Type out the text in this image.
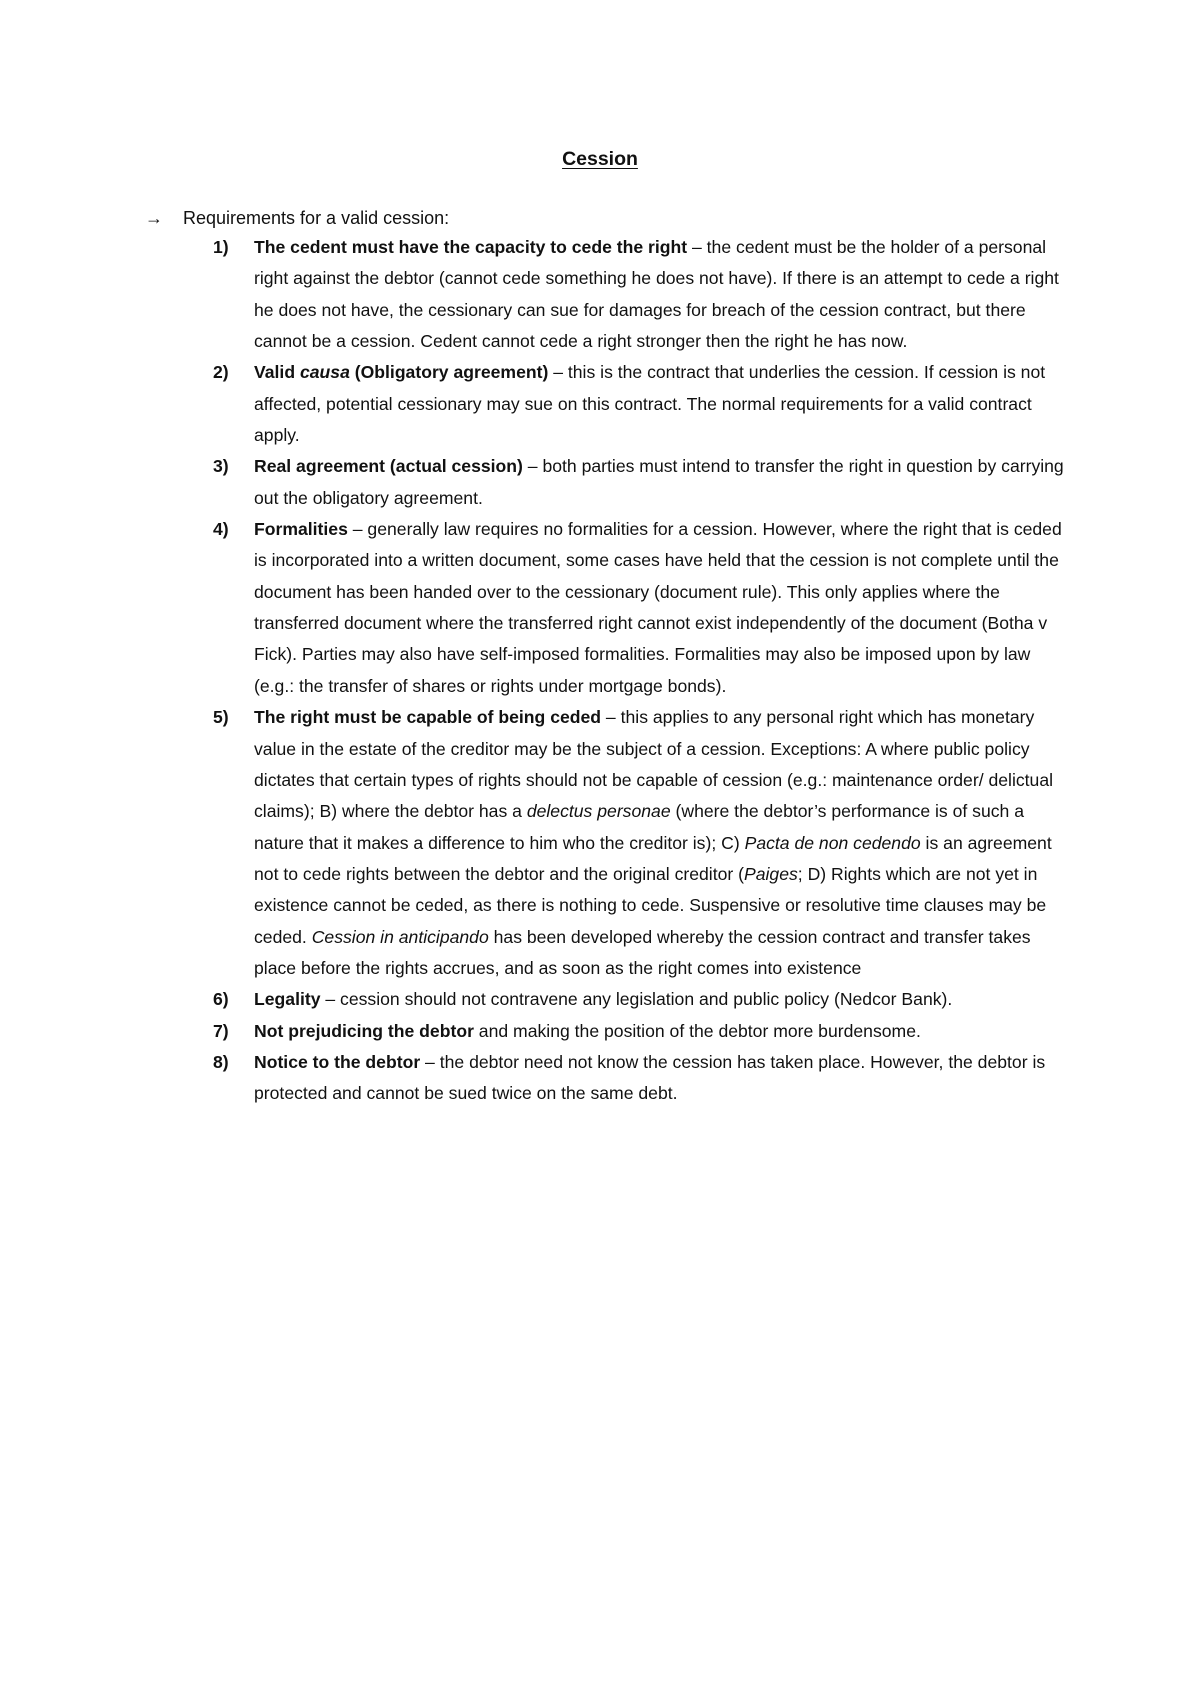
Cession
→ Requirements for a valid cession:
1) The cedent must have the capacity to cede the right – the cedent must be the holder of a personal right against the debtor (cannot cede something he does not have). If there is an attempt to cede a right he does not have, the cessionary can sue for damages for breach of the cession contract, but there cannot be a cession. Cedent cannot cede a right stronger then the right he has now.
2) Valid causa (Obligatory agreement) – this is the contract that underlies the cession. If cession is not affected, potential cessionary may sue on this contract. The normal requirements for a valid contract apply.
3) Real agreement (actual cession) – both parties must intend to transfer the right in question by carrying out the obligatory agreement.
4) Formalities – generally law requires no formalities for a cession. However, where the right that is ceded is incorporated into a written document, some cases have held that the cession is not complete until the document has been handed over to the cessionary (document rule). This only applies where the transferred document where the transferred right cannot exist independently of the document (Botha v Fick). Parties may also have self-imposed formalities. Formalities may also be imposed upon by law (e.g.: the transfer of shares or rights under mortgage bonds).
5) The right must be capable of being ceded – this applies to any personal right which has monetary value in the estate of the creditor may be the subject of a cession. Exceptions: A where public policy dictates that certain types of rights should not be capable of cession (e.g.: maintenance order/ delictual claims); B) where the debtor has a delectus personae (where the debtor’s performance is of such a nature that it makes a difference to him who the creditor is); C) Pacta de non cedendo is an agreement not to cede rights between the debtor and the original creditor (Paiges; D) Rights which are not yet in existence cannot be ceded, as there is nothing to cede. Suspensive or resolutive time clauses may be ceded. Cession in anticipando has been developed whereby the cession contract and transfer takes place before the rights accrues, and as soon as the right comes into existence
6) Legality – cession should not contravene any legislation and public policy (Nedcor Bank).
7) Not prejudicing the debtor and making the position of the debtor more burdensome.
8) Notice to the debtor – the debtor need not know the cession has taken place. However, the debtor is protected and cannot be sued twice on the same debt.
